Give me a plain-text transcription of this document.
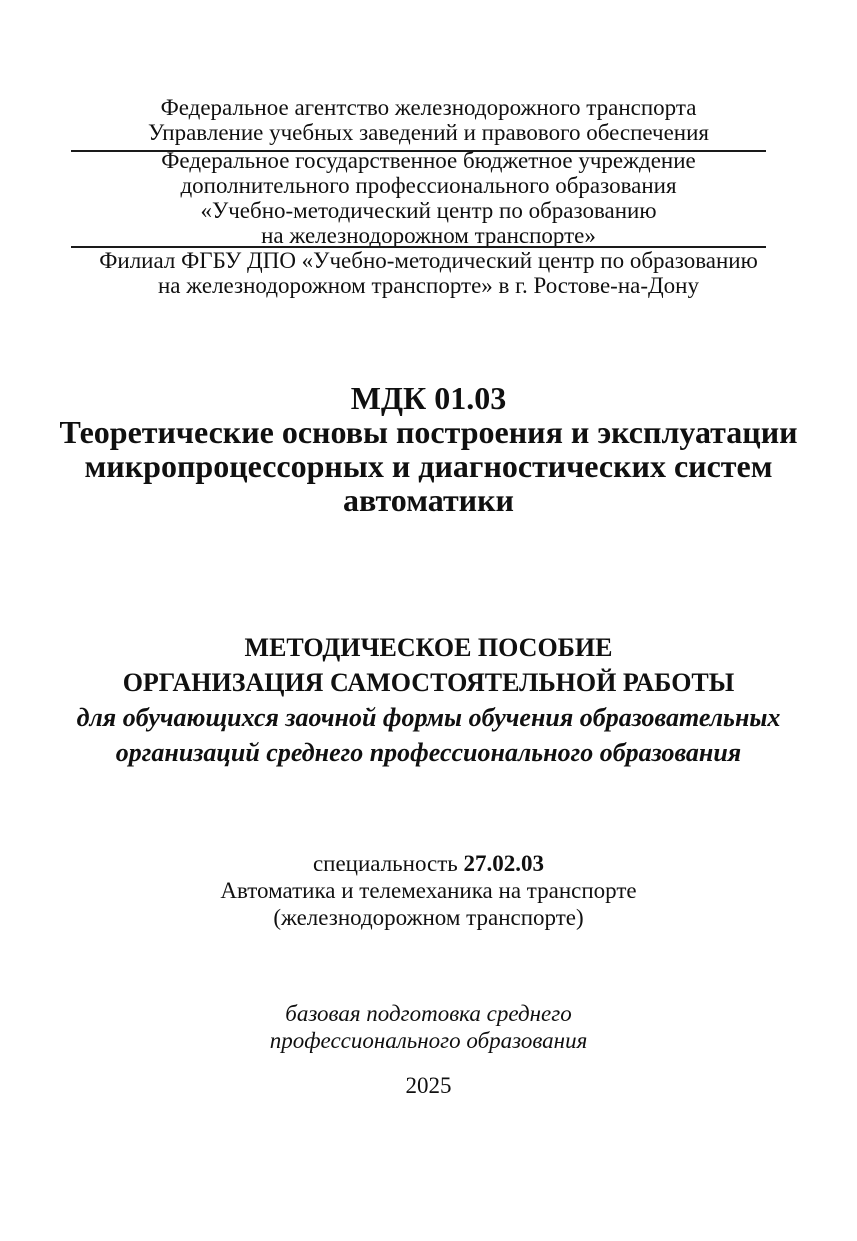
Федеральное агентство железнодорожного транспорта
Управление учебных заведений и правового обеспечения
Федеральное государственное бюджетное учреждение
дополнительного профессионального образования
«Учебно-методический центр по образованию
на железнодорожном транспорте»
Филиал ФГБУ ДПО «Учебно-методический центр по образованию
на железнодорожном транспорте» в г. Ростове-на-Дону
МДК 01.03
Теоретические основы построения и эксплуатации
микропроцессорных и диагностических систем
автоматики
МЕТОДИЧЕСКОЕ ПОСОБИЕ
ОРГАНИЗАЦИЯ САМОСТОЯТЕЛЬНОЙ РАБОТЫ
для обучающихся заочной формы обучения образовательных
организаций среднего профессионального образования
специальность 27.02.03
Автоматика и телемеханика на транспорте
(железнодорожном транспорте)
базовая подготовка среднего
профессионального образования
2025
